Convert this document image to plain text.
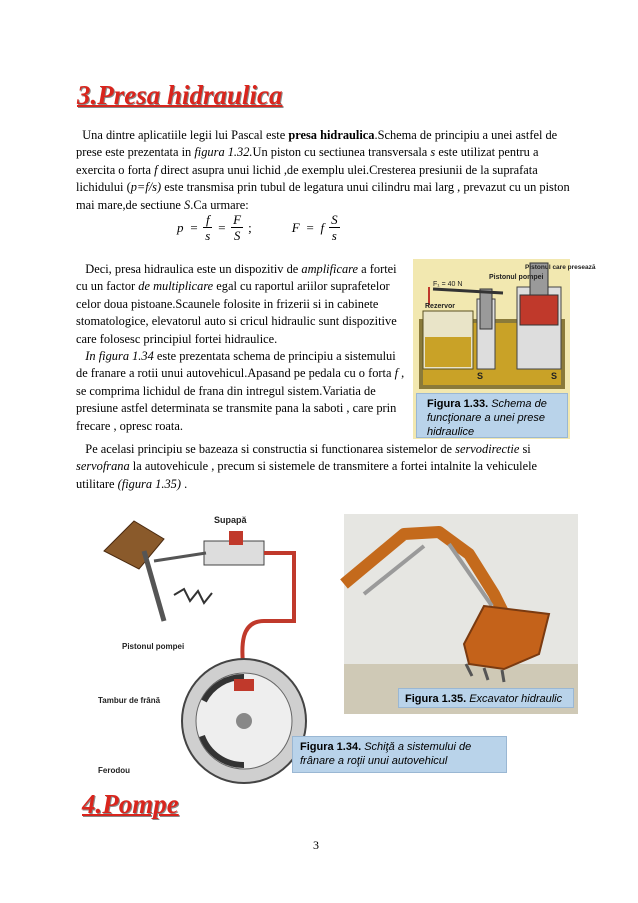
3.Presa hidraulica
Una dintre aplicatiile legii lui Pascal este presa hidraulica.Schema de principiu a unei astfel de prese este prezentata in figura 1.32.Un piston cu sectiunea transversala s este utilizat pentru a exercita o forta f direct asupra unui lichid ,de exemplu ulei.Cresterea presiunii de la suprafata lichidului (p=f/s) este transmisa prin tubul de legatura unui cilindru mai larg , prevazut cu un piston mai mare,de sectiune S.Ca urmare:
$p = \frac{f}{s} = \frac{F}{S}$ ;	F = f $\frac{S}{s}$
Deci, presa hidraulica este un dispozitiv de amplificare a fortei cu un factor de multiplicare egal cu raportul ariilor suprafetelor celor doua pistoane.Scaunele folosite in frizerii si in cabinete stomatologice, elevatorul auto si cricul hidraulic sunt dispozitive care folosesc principiul fortei hidraulice.
In figura 1.34 este prezentata schema de principiu a sistemului de franare a rotii unui autovehicul.Apasand pe pedala cu o forta f , se comprima lichidul de frana din intregul sistem.Variatia de presiune astfel determinata se transmite pana la saboti , care prin frecare , opresc roata.
F₁ = 40 N
Pistonul pompei
Pistonul care presează
Rezervor
S	S
Figura 1.33. Schema de funcţionare a unei prese hidraulice
Pe acelasi principiu se bazeaza si constructia si functionarea sistemelor de servodirectie si servofrana la autovehicule , precum si sistemele de transmitere a fortei intalnite la vehiculele utilitare (figura 1.35) .
Figura 1.35. Excavator hidraulic
Supapă
Pistonul pompei
Tambur de frână
Ferodou
Figura 1.34. Schiţă a sistemului de frânare a roţii unui autovehicul
4.Pompe
3
